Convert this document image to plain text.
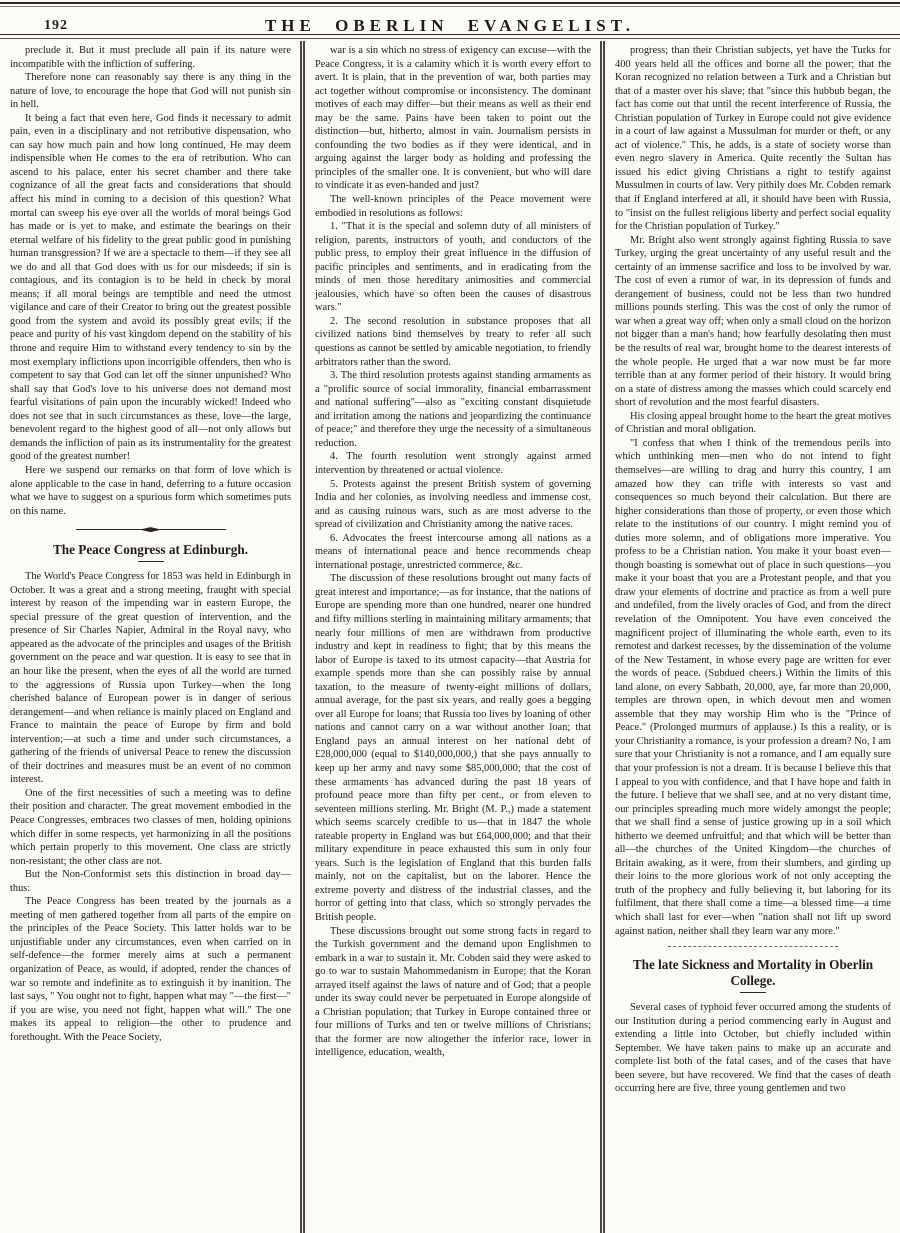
192	THE OBERLIN EVANGELIST.

preclude it. But it must preclude all pain if its nature were incompatible with the infliction of suffering.

Therefore none can reasonably say there is any thing in the nature of love, to encourage the hope that God will not punish sin in hell.

It being a fact that even here, God finds it necessary to admit pain, even in a disciplinary and not retributive dispensation, who can say how much pain and how long continued, He may deem indispensible when He comes to the era of retribution. Who can ascend to his palace, enter his secret chamber and there take cognizance of all the great facts and considerations that should affect his mind in coming to a decision of this question? What mortal can sweep his eye over all the worlds of moral beings God has made or is yet to make, and estimate the bearings on their eternal welfare of his fidelity to the great public good in punishing human transgression? If we are a spectacle to them—if they see all we do and all that God does with us for our misdeeds; if sin is contagious, and its contagion is to be held in check by moral means; if all moral beings are temptible and need the utmost vigilance and care of their Creator to bring out the greatest possible good from the system and avoid its possibly great evils; if the peace and purity of his vast kingdom depend on the stability of his throne and require Him to withstand every tendency to sin by the most exemplary inflictions upon incorrigible offenders, then who is competent to say that God can let off the sinner unpunished? Who shall say that God's love to his universe does not demand most fearful visitations of pain upon the incurably wicked! Indeed who does not see that in such circumstances as these, love—the large, benevolent regard to the highest good of all—not only allows but demands the infliction of pain as its instrumentality for the greatest good of the greatest number!

Here we suspend our remarks on that form of love which is alone applicable to the case in hand, deferring to a future occasion what we have to suggest on a spurious form which sometimes puts on this name.

The Peace Congress at Edinburgh.

The World's Peace Congress for 1853 was held in Edinburgh in October. It was a great and a strong meeting, fraught with special interest by reason of the impending war in eastern Europe, the special pressure of the great question of intervention, and the presence of Sir Charles Napier, Admiral in the Royal navy, who appeared as the advocate of the principles and usages of the British government on the peace and war question. It is easy to see that in an hour like the present, when the eyes of all the world are turned to the aggressions of Russia upon Turkey—when the long cherished balance of European power is in danger of serious derangement—and when reliance is mainly placed on England and France to maintain the peace of Europe by firm and bold intervention;—at such a time and under such circumstances, a gathering of the friends of universal Peace to renew the discussion of their doctrines and measures must be an event of no common interest.

One of the first necessities of such a meeting was to define their position and character. The great movement embodied in the Peace Congresses, embraces two classes of men, holding opinions which differ in some respects, yet harmonizing in all the positions which pertain properly to this movement. One class are strictly non-resistant; the other class are not.

But the Non-Conformist sets this distinction in broad day—thus:

The Peace Congress has been treated by the journals as a meeting of men gathered together from all parts of the empire on the principles of the Peace Society. This latter holds war to be unjustifiable under any circumstances, even when carried on in self-defence—the former merely aims at such a permanent organization of Peace, as would, if adopted, render the chances of war so remote and indefinite as to extinguish it by inanition. The last says, " You ought not to fight, happen what may "—the first—" if you are wise, you need not fight, happen what will." The one makes its appeal to religion—the other to prudence and forethought. With the Peace Society,

war is a sin which no stress of exigency can excuse—with the Peace Congress, it is a calamity which it is worth every effort to avert. It is plain, that in the prevention of war, both parties may act together without compromise or inconsistency. The dominant motives of each may differ—but their means as well as their end may be the same. Pains have been taken to point out the distinction—but, hitherto, almost in vain. Journalism persists in confounding the two bodies as if they were identical, and in arguing against the larger body as holding and professing the principles of the smaller one. It is convenient, but who will dare to vindicate it as even-handed and just?

The well-known principles of the Peace movement were embodied in resolutions as follows:

1. "That it is the special and solemn duty of all ministers of religion, parents, instructors of youth, and conductors of the public press, to employ their great influence in the diffusion of pacific principles and sentiments, and in eradicating from the minds of men those hereditary animosities and commercial jealousies, which have so often been the causes of disastrous wars."

2. The second resolution in substance proposes that all civilized nations bind themselves by treaty to refer all such questions as cannot be settled by amicable negotiation, to friendly arbitrators rather than the sword.

3. The third resolution protests against standing armaments as a "prolific source of social immorality, financial embarrassment and national suffering"—also as "exciting constant disquietude and irritation among the nations and jeopardizing the continuance of peace;" and therefore they urge the necessity of a simultaneous reduction.

4. The fourth resolution went strongly against armed intervention by threatened or actual violence.

5. Protests against the present British system of governing India and her colonies, as involving needless and immense cost, and as causing ruinous wars, such as are most adverse to the spread of civilization and Christianity among the native races.

6. Advocates the freest intercourse among all nations as a means of international peace and hence recommends cheap international postage, unrestricted commerce, &c.

The discussion of these resolutions brought out many facts of great interest and importance;—as for instance, that the nations of Europe are spending more than one hundred, nearer one hundred and fifty millions sterling in maintaining military armaments; that nearly four millions of men are withdrawn from productive industry and kept in readiness to fight; that by this means the labor of Europe is taxed to its utmost capacity—that Austria for example spends more than she can possibly raise by annual taxation, to the measure of twenty-eight millions of dollars, annual average, for the past six years, and really goes a begging over all Europe for loans; that Russia too lives by loaning of other nations and cannot carry on a war without another loan; that England pays an annual interest on her national debt of £28,000,000 (equal to $140,000,000,) that she pays annually to keep up her army and navy some $85,000,000; that the cost of these armaments has advanced during the past 18 years of profound peace more than fifty per cent., or from eleven to seventeen millions sterling. Mr. Bright (M. P.,) made a statement which seems scarcely credible to us—that in 1847 the whole rateable property in England was but £64,000,000; and that their military expenditure in peace exhausted this sum in only four years. Such is the legislation of England that this burden falls mainly, not on the capitalist, but on the laborer. Hence the extreme poverty and distress of the industrial classes, and the horror of getting into that class, which so strongly pervades the British people.

These discussions brought out some strong facts in regard to the Turkish government and the demand upon Englishmen to embark in a war to sustain it. Mr. Cobden said they were asked to go to war to sustain Mahommedanism in Europe; that the Koran arrayed itself against the laws of nature and of God; that a people under its sway could never be perpetuated in Europe alongside of a Christian population; that Turkey in Europe contained three or four millions of Turks and ten or twelve millions of Christians; that the former are now altogether the inferior race, lower in intelligence, education, wealth,

progress; than their Christian subjects, yet have the Turks for 400 years held all the offices and borne all the power; that the Koran recognized no relation between a Turk and a Christian but that of a master over his slave; that "since this hubbub began, the fact has come out that until the recent interference of Russia, the Christian population of Turkey in Europe could not give evidence in a court of law against a Mussulman for murder or theft, or any act of violence." This, he adds, is a state of society worse than even negro slavery in America. Quite recently the Sultan has issued his edict giving Christians a right to testify against Mussulmen in courts of law. Very pithily does Mr. Cobden remark that if England interfered at all, it should have been with Russia, to "insist on the fullest religious liberty and perfect social equality for the Christian population of Turkey."

Mr. Bright also went strongly against fighting Russia to save Turkey, urging the great uncertainty of any useful result and the certainty of an immense sacrifice and loss to be involved by war. The cost of even a rumor of war, in its depression of funds and derangement of business, could not be less than two hundred millions pounds sterling. This was the cost of only the rumor of war when a great way off; when only a small cloud on the horizon not bigger than a man's hand; how fearfully desolating then must be the results of real war, brought home to the dearest interests of the whole people. He urged that a war now must be far more terrible than at any former period of their history. It would bring on a state of distress among the masses which could scarcely end short of revolution and the most fearful disasters.

His closing appeal brought home to the heart the great motives of Christian and moral obligation.

"I confess that when I think of the tremendous perils into which unthinking men—men who do not intend to fight themselves—are willing to drag and hurry this country, I am amazed how they can trifle with interests so vast and consequences so much beyond their calculation. But there are higher considerations than those of property, or even those which relate to the institutions of our country. I might remind you of duties more solemn, and of obligations more imperative. You profess to be a Christian nation. You make it your boast even—though boasting is somewhat out of place in such questions—you make it your boast that you are a Protestant people, and that you draw your elements of doctrine and practice as from a well pure and undefiled, from the lively oracles of God, and from the direct revelation of the Omnipotent. You have even conceived the magnificent project of illuminating the whole earth, even to its remotest and darkest recesses, by the dissemination of the volume of the New Testament, in whose every page are written for ever the words of peace. (Subdued cheers.) Within the limits of this land alone, on every Sabbath, 20,000, aye, far more than 20,000, temples are thrown open, in which devout men and women assemble that they may worship Him who is the "Prince of Peace." (Prolonged murmurs of applause.) Is this a reality, or is your Christianity a romance, is your profession a dream? No, I am sure that your Christianity is not a romance, and I am equally sure that your profession is not a dream. It is because I believe this that I appeal to you with confidence, and that I have hope and faith in the future. I believe that we shall see, and at no very distant time, our principles spreading much more widely amongst the people; that we shall find a sense of justice growing up in a soil which hitherto we deemed unfruitful; and that which will be better than all—the churches of the United Kingdom—the churches of Britain awaking, as it were, from their slumbers, and girding up their loins to the more glorious work of not only accepting the truth of the prophecy and fully believing it, but laboring for its fulfilment, that there shall come a time—a blessed time—a time which shall last for ever—when "nation shall not lift up sword against nation, neither shall they learn war any more."

The late Sickness and Mortality in Oberlin College.

Several cases of typhoid fever occurred among the students of our Institution during a period commencing early in August and extending a little into October, but chiefly included within September. We have taken pains to make up an accurate and complete list both of the fatal cases, and of the cases that have been severe, but have recovered. We find that the cases of death occurring here are five, three young gentlemen and two
